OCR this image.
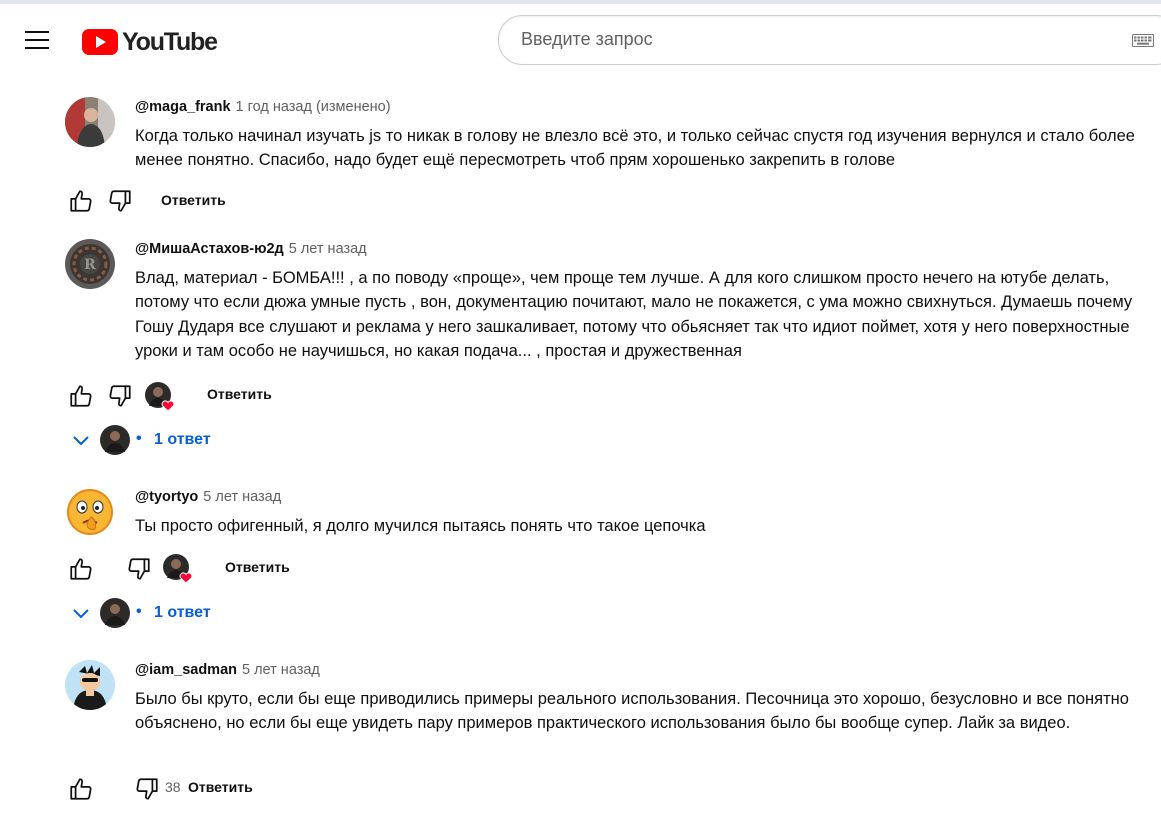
YouTube
Введите запрос
@maga_frank 1 год назад (изменено)
Когда только начинал изучать js то никак в голову не влезло всё это, и только сейчас спустя год изучения вернулся и стало более менее понятно. Спасибо, надо будет ещё пересмотреть чтоб прям хорошенько закрепить в голове
Ответить
R
@МишаАстахов-ю2д 5 лет назад
Влад, материал - БОМБА!!! , а по поводу «проще», чем проще тем лучше. А для кого слишком просто нечего на ютубе делать, потому что если дюжа умные пусть , вон, документацию почитают, мало не покажется, с ума можно свихнуться. Думаешь почему Гошу Дударя все слушают и реклама у него зашкаливает, потому что обьясняет так что идиот поймет, хотя у него поверхностные уроки и там особо не научишься, но какая подача... , простая и дружественная
Ответить
• 1 ответ
@tyortyo 5 лет назад
Ты просто офигенный, я долго мучился пытаясь понять что такое цепочка
Ответить
• 1 ответ
@iam_sadman 5 лет назад
Было бы круто, если бы еще приводились примеры реального использования. Песочница это хорошо, безусловно и все понятно объяснено, но если бы еще увидеть пару примеров практического использования было бы вообще супер. Лайк за видео.
38 Ответить
